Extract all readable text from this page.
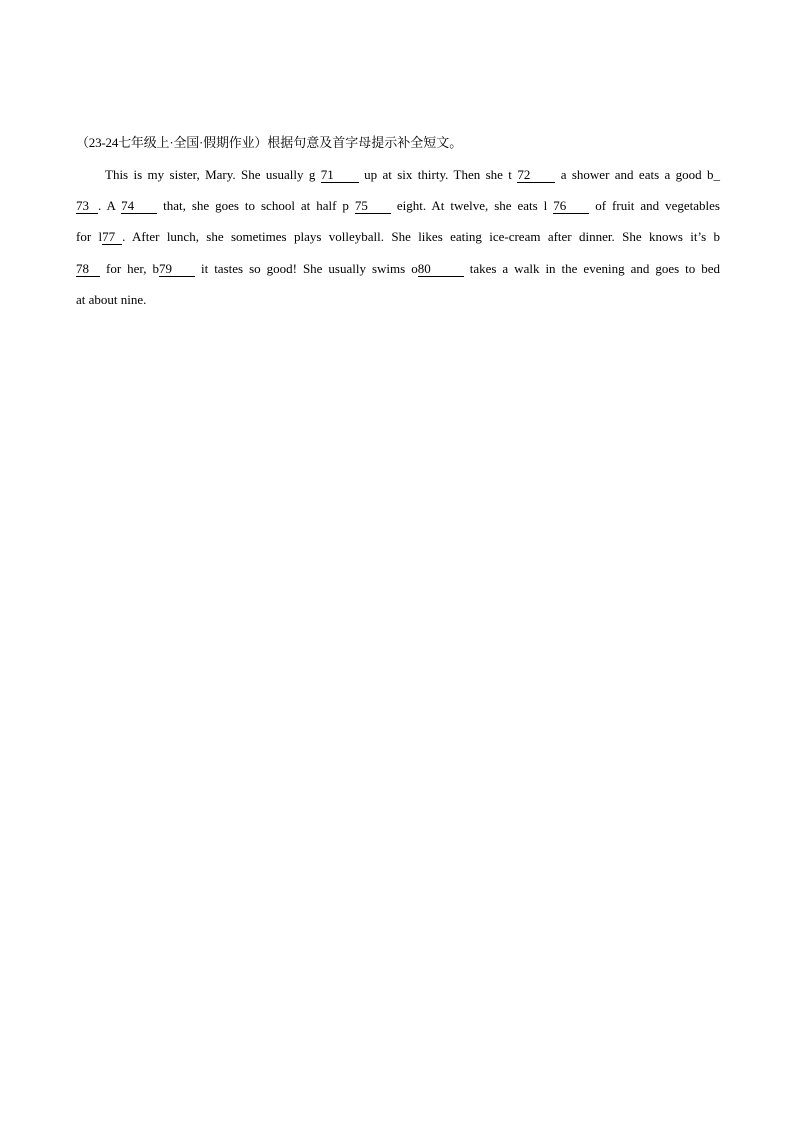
（23-24七年级上·全国·假期作业）根据句意及首字母提示补全短文。
This is my sister, Mary. She usually g 71 up at six thirty. Then she t 72 a shower and eats a good b_
73 . A 74 that, she goes to school at half p 75 eight. At twelve, she eats l 76 of fruit and vegetables
for l77 . After lunch, she sometimes plays volleyball. She likes eating ice-cream after dinner. She knows it’s b
78 for her, b79 it tastes so good! She usually swims o80	takes a walk in the evening and goes to bed
at about nine.
